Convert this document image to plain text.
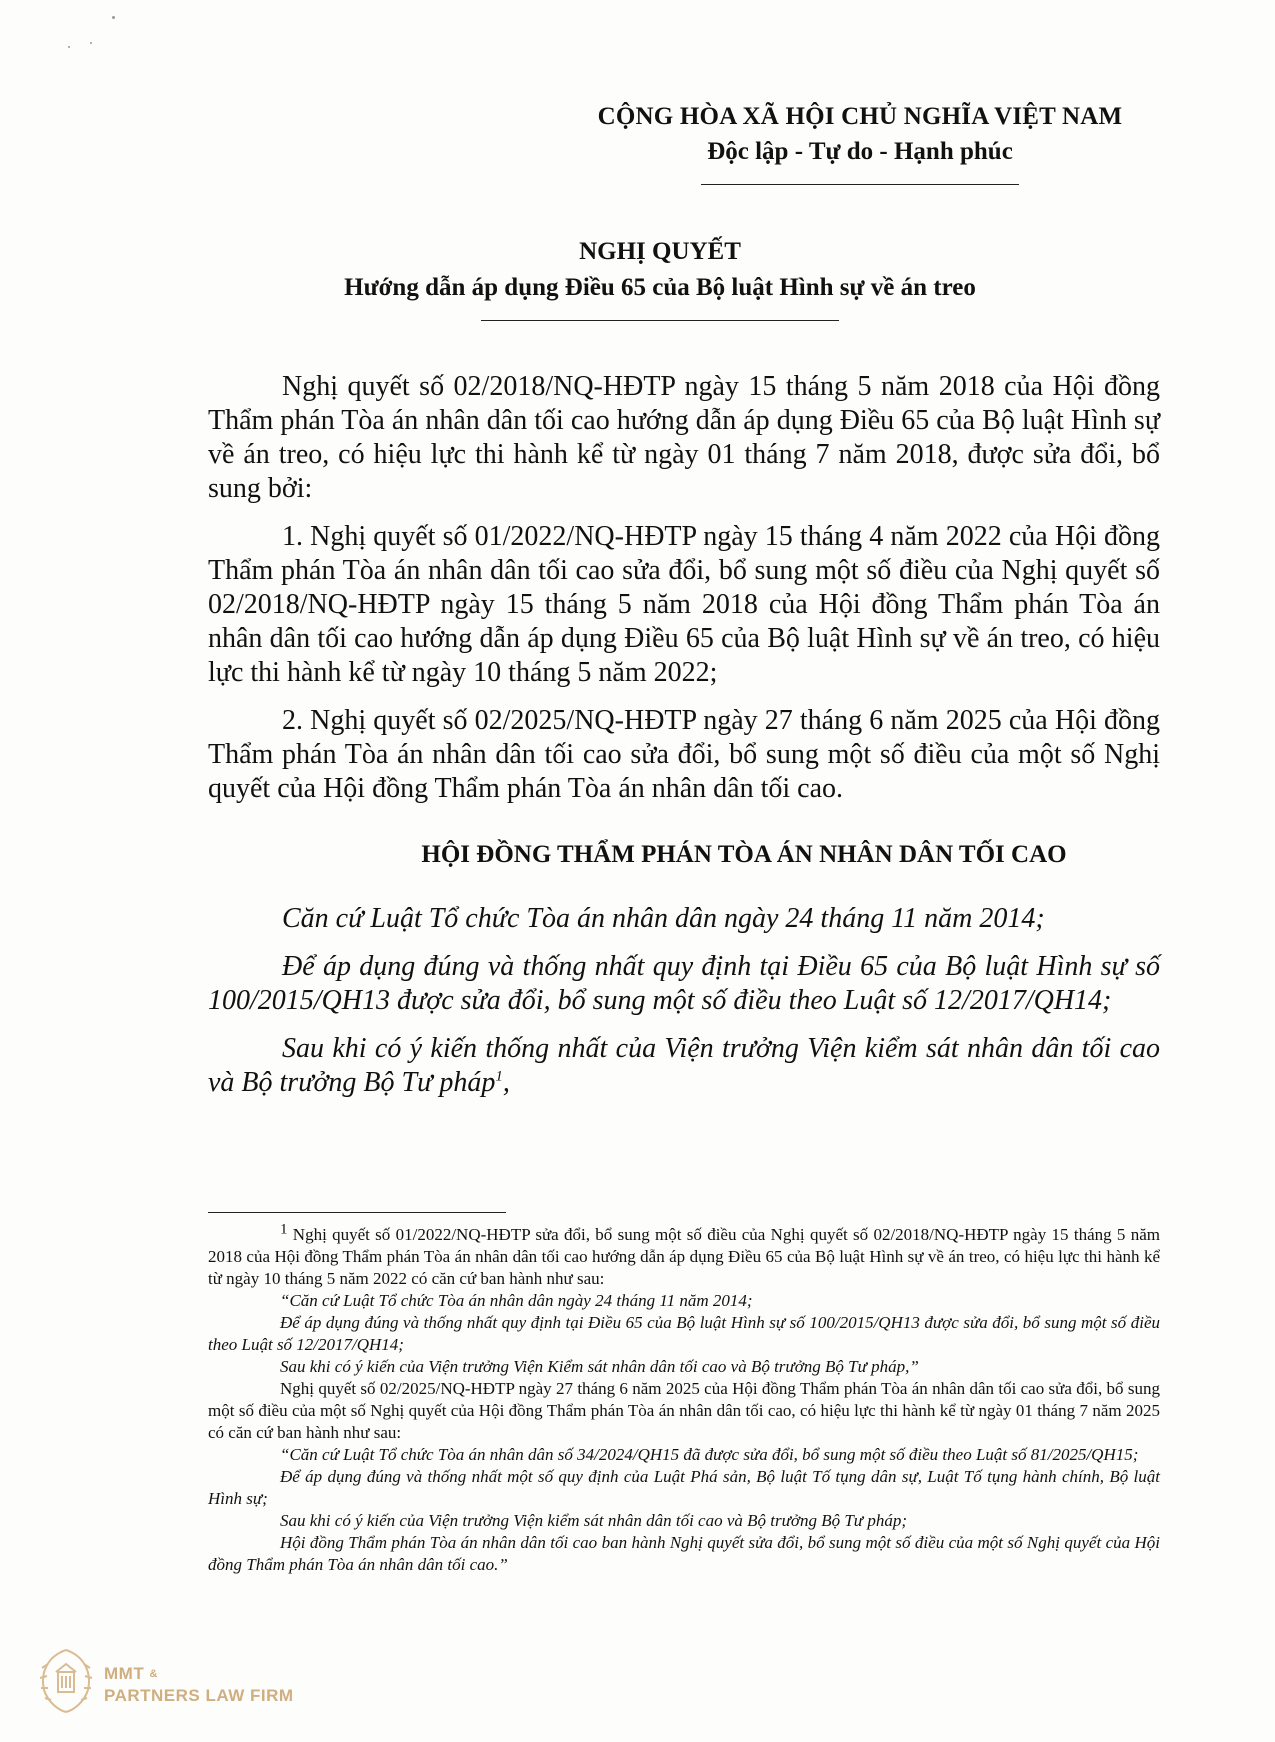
CỘNG HÒA XÃ HỘI CHỦ NGHĨA VIỆT NAM
Độc lập - Tự do - Hạnh phúc
NGHỊ QUYẾT
Hướng dẫn áp dụng Điều 65 của Bộ luật Hình sự về án treo

Nghị quyết số 02/2018/NQ-HĐTP ngày 15 tháng 5 năm 2018 của Hội đồng Thẩm phán Tòa án nhân dân tối cao hướng dẫn áp dụng Điều 65 của Bộ luật Hình sự về án treo, có hiệu lực thi hành kể từ ngày 01 tháng 7 năm 2018, được sửa đổi, bổ sung bởi:

1. Nghị quyết số 01/2022/NQ-HĐTP ngày 15 tháng 4 năm 2022 của Hội đồng Thẩm phán Tòa án nhân dân tối cao sửa đổi, bổ sung một số điều của Nghị quyết số 02/2018/NQ-HĐTP ngày 15 tháng 5 năm 2018 của Hội đồng Thẩm phán Tòa án nhân dân tối cao hướng dẫn áp dụng Điều 65 của Bộ luật Hình sự về án treo, có hiệu lực thi hành kể từ ngày 10 tháng 5 năm 2022;

2. Nghị quyết số 02/2025/NQ-HĐTP ngày 27 tháng 6 năm 2025 của Hội đồng Thẩm phán Tòa án nhân dân tối cao sửa đổi, bổ sung một số điều của một số Nghị quyết của Hội đồng Thẩm phán Tòa án nhân dân tối cao.

HỘI ĐỒNG THẨM PHÁN TÒA ÁN NHÂN DÂN TỐI CAO

Căn cứ Luật Tổ chức Tòa án nhân dân ngày 24 tháng 11 năm 2014;

Để áp dụng đúng và thống nhất quy định tại Điều 65 của Bộ luật Hình sự số 100/2015/QH13 được sửa đổi, bổ sung một số điều theo Luật số 12/2017/QH14;

Sau khi có ý kiến thống nhất của Viện trưởng Viện kiểm sát nhân dân tối cao và Bộ trưởng Bộ Tư pháp$^1$,

$^1$ Nghị quyết số 01/2022/NQ-HĐTP sửa đổi, bổ sung một số điều của Nghị quyết số 02/2018/NQ-HĐTP ngày 15 tháng 5 năm 2018 của Hội đồng Thẩm phán Tòa án nhân dân tối cao hướng dẫn áp dụng Điều 65 của Bộ luật Hình sự về án treo, có hiệu lực thi hành kể từ ngày 10 tháng 5 năm 2022 có căn cứ ban hành như sau:

“Căn cứ Luật Tổ chức Tòa án nhân dân ngày 24 tháng 11 năm 2014;

Để áp dụng đúng và thống nhất quy định tại Điều 65 của Bộ luật Hình sự số 100/2015/QH13 được sửa đổi, bổ sung một số điều theo Luật số 12/2017/QH14;

Sau khi có ý kiến của Viện trưởng Viện Kiểm sát nhân dân tối cao và Bộ trưởng Bộ Tư pháp,”

Nghị quyết số 02/2025/NQ-HĐTP ngày 27 tháng 6 năm 2025 của Hội đồng Thẩm phán Tòa án nhân dân tối cao sửa đổi, bổ sung một số điều của một số Nghị quyết của Hội đồng Thẩm phán Tòa án nhân dân tối cao, có hiệu lực thi hành kể từ ngày 01 tháng 7 năm 2025 có căn cứ ban hành như sau:

“Căn cứ Luật Tổ chức Tòa án nhân dân số 34/2024/QH15 đã được sửa đổi, bổ sung một số điều theo Luật số 81/2025/QH15;

Để áp dụng đúng và thống nhất một số quy định của Luật Phá sản, Bộ luật Tố tụng dân sự, Luật Tố tụng hành chính, Bộ luật Hình sự;

Sau khi có ý kiến của Viện trưởng Viện kiểm sát nhân dân tối cao và Bộ trưởng Bộ Tư pháp;

Hội đồng Thẩm phán Tòa án nhân dân tối cao ban hành Nghị quyết sửa đổi, bổ sung một số điều của một số Nghị quyết của Hội đồng Thẩm phán Tòa án nhân dân tối cao.”

MMT &
PARTNERS LAW FIRM
